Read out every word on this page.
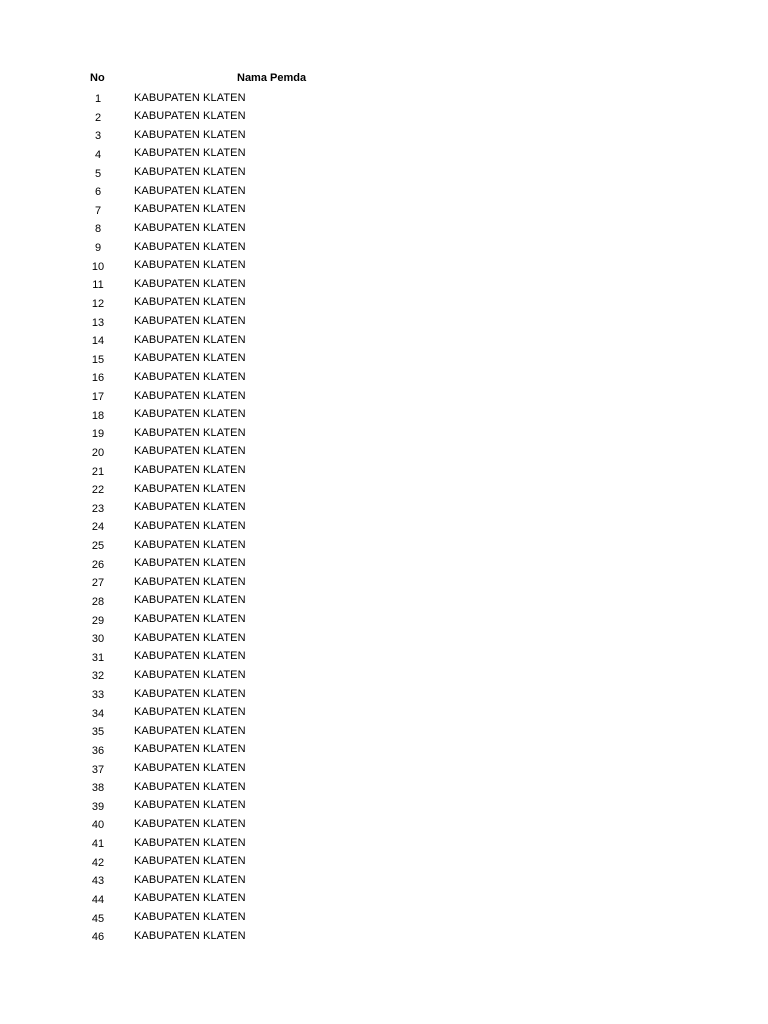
No	Nama Pemda
1	KABUPATEN KLATEN
2	KABUPATEN KLATEN
3	KABUPATEN KLATEN
4	KABUPATEN KLATEN
5	KABUPATEN KLATEN
6	KABUPATEN KLATEN
7	KABUPATEN KLATEN
8	KABUPATEN KLATEN
9	KABUPATEN KLATEN
10	KABUPATEN KLATEN
11	KABUPATEN KLATEN
12	KABUPATEN KLATEN
13	KABUPATEN KLATEN
14	KABUPATEN KLATEN
15	KABUPATEN KLATEN
16	KABUPATEN KLATEN
17	KABUPATEN KLATEN
18	KABUPATEN KLATEN
19	KABUPATEN KLATEN
20	KABUPATEN KLATEN
21	KABUPATEN KLATEN
22	KABUPATEN KLATEN
23	KABUPATEN KLATEN
24	KABUPATEN KLATEN
25	KABUPATEN KLATEN
26	KABUPATEN KLATEN
27	KABUPATEN KLATEN
28	KABUPATEN KLATEN
29	KABUPATEN KLATEN
30	KABUPATEN KLATEN
31	KABUPATEN KLATEN
32	KABUPATEN KLATEN
33	KABUPATEN KLATEN
34	KABUPATEN KLATEN
35	KABUPATEN KLATEN
36	KABUPATEN KLATEN
37	KABUPATEN KLATEN
38	KABUPATEN KLATEN
39	KABUPATEN KLATEN
40	KABUPATEN KLATEN
41	KABUPATEN KLATEN
42	KABUPATEN KLATEN
43	KABUPATEN KLATEN
44	KABUPATEN KLATEN
45	KABUPATEN KLATEN
46	KABUPATEN KLATEN
